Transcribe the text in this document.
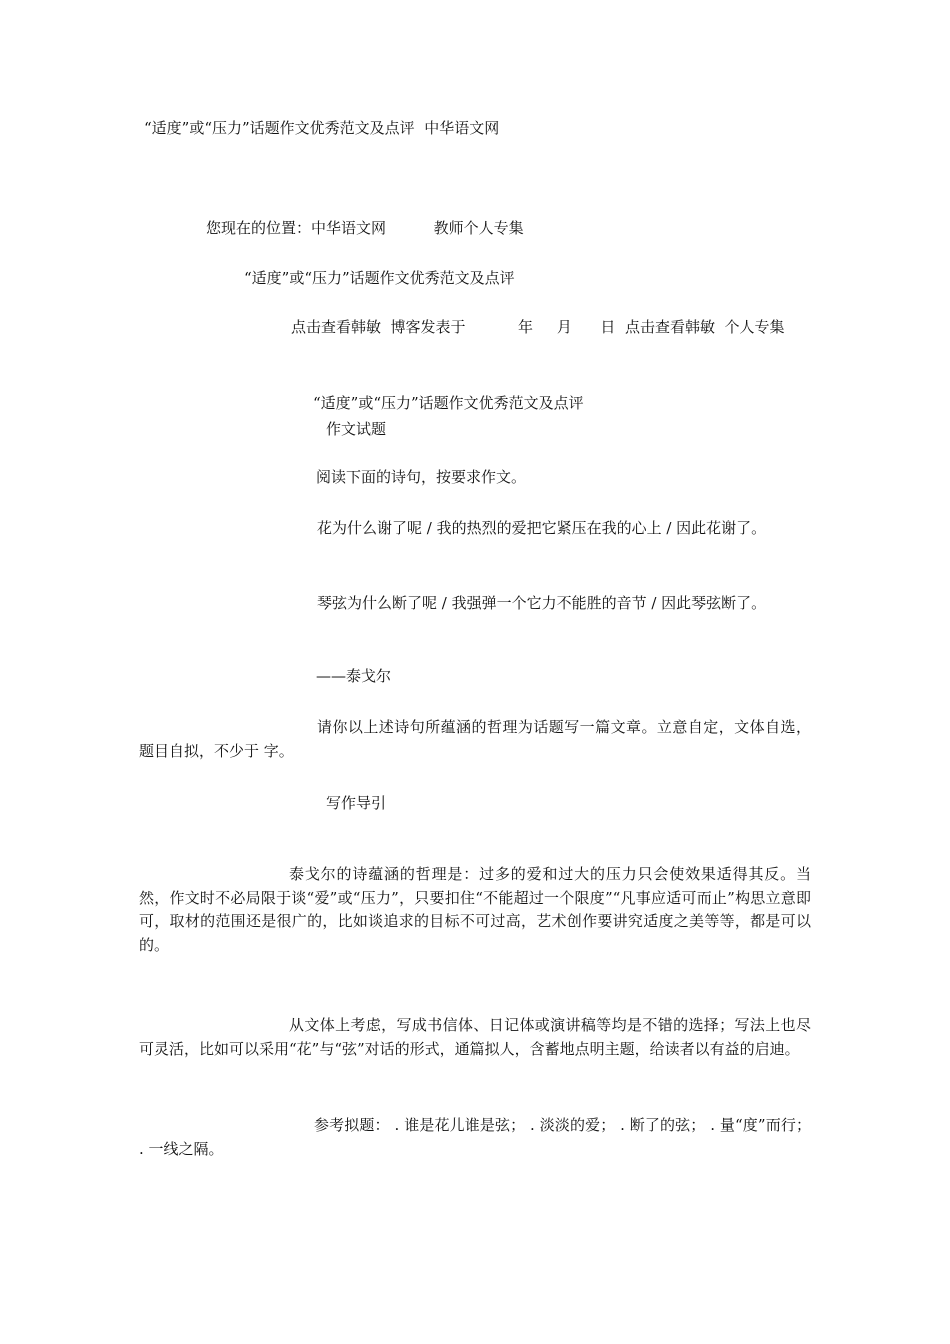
“适度”或“压力”话题作文优秀范文及点评  中华语文网
您现在的位置：中华语文网          教师个人专集
“适度”或“压力”话题作文优秀范文及点评
点击查看韩敏  博客发表于           年     月      日  点击查看韩敏  个人专集
“适度”或“压力”话题作文优秀范文及点评
作文试题
阅读下面的诗句，按要求作文。
花为什么谢了呢 / 我的热烈的爱把它紧压在我的心上 / 因此花谢了。
琴弦为什么断了呢 / 我强弹一个它力不能胜的音节 / 因此琴弦断了。
——泰戈尔
请你以上述诗句所蕴涵的哲理为话题写一篇文章。立意自定，文体自选，题目自拟，不少于 字。
写作导引
泰戈尔的诗蕴涵的哲理是：过多的爱和过大的压力只会使效果适得其反。当然，作文时不必局限于谈“爱”或“压力”，只要扣住“不能超过一个限度”“凡事应适可而止”构思立意即可，取材的范围还是很广的，比如谈追求的目标不可过高，艺术创作要讲究适度之美等等，都是可以的。
从文体上考虑，写成书信体、日记体或演讲稿等均是不错的选择；写法上也尽可灵活，比如可以采用“花”与“弦”对话的形式，通篇拟人，含蓄地点明主题，给读者以有益的启迪。
参考拟题： . 谁是花儿谁是弦； . 淡淡的爱； . 断了的弦； . 量“度”而行； . 一线之隔。
